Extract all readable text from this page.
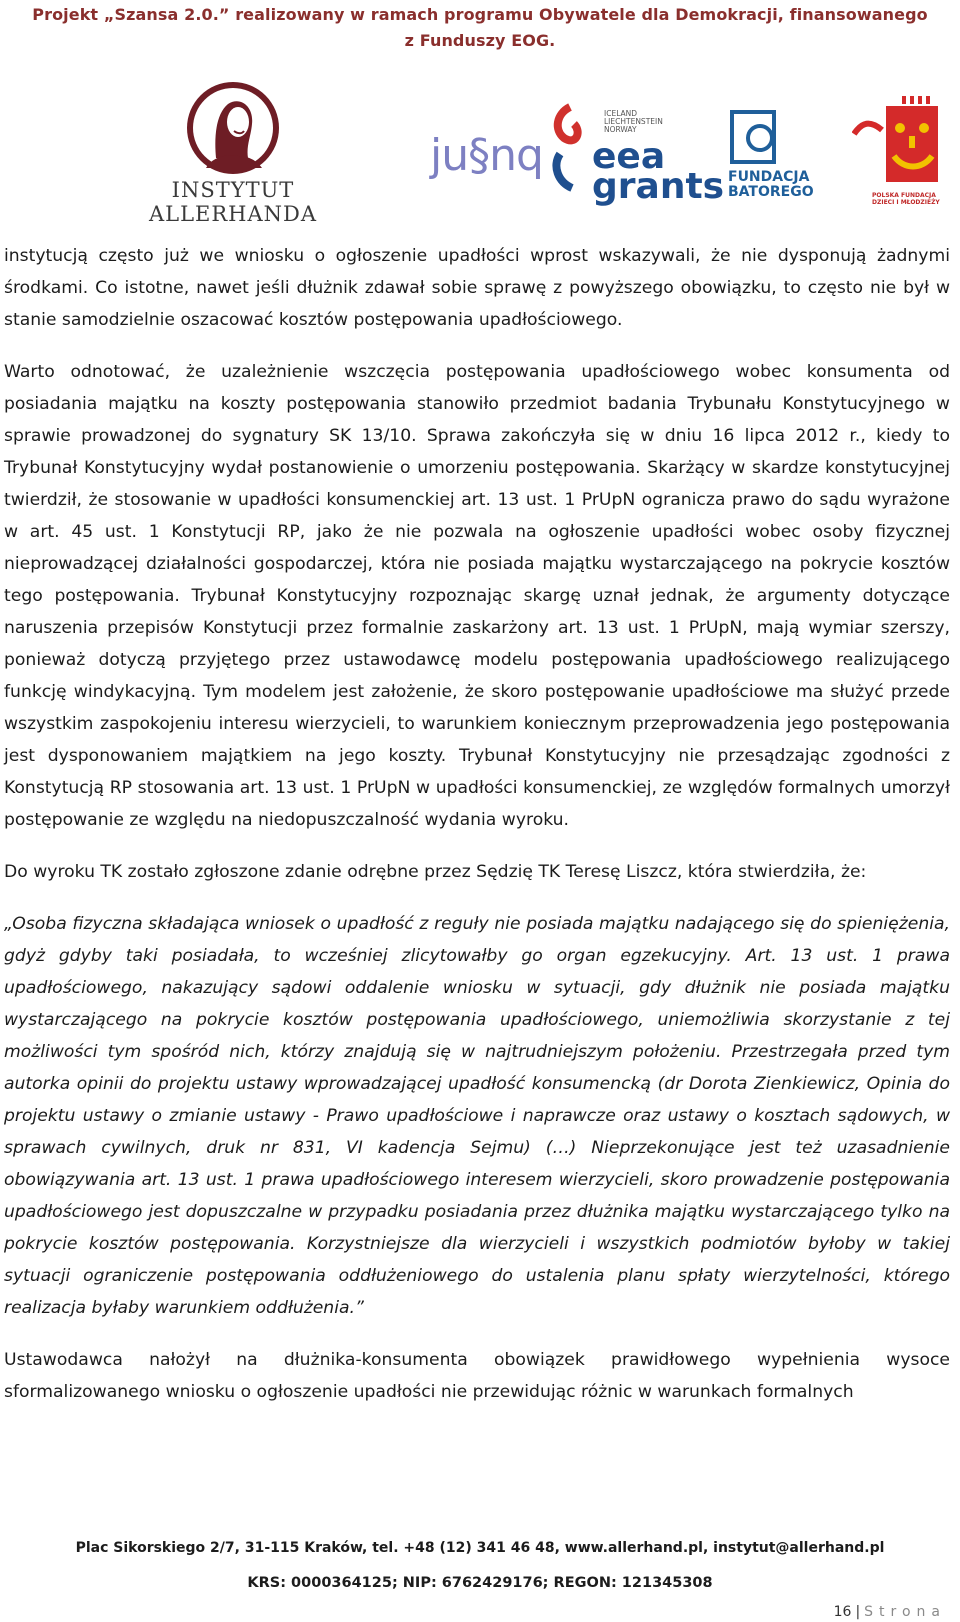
Projekt „Szansa 2.0.” realizowany w ramach programu Obywatele dla Demokracji, finansowanego
z Funduszy EOG.
INSTYTUT ALLERHANDA
ju§nq
ICELAND
LIECHTENSTEIN
NORWAY
eea
grants FUNDACJA
BATOREGO	POLSKA FUNDACJA
DZIECI I MŁODZIEŻY

instytucją często już we wniosku o ogłoszenie upadłości wprost wskazywali, że nie dysponują żadnymi środkami. Co istotne, nawet jeśli dłużnik zdawał sobie sprawę z powyższego obowiązku, to często nie był w stanie samodzielnie oszacować kosztów postępowania upadłościowego.

Warto odnotować, że uzależnienie wszczęcia postępowania upadłościowego wobec konsumenta od posiadania majątku na koszty postępowania stanowiło przedmiot badania Trybunału Konstytucyjnego w sprawie prowadzonej do sygnatury SK 13/10. Sprawa zakończyła się w dniu 16 lipca 2012 r., kiedy to Trybunał Konstytucyjny wydał postanowienie o umorzeniu postępowania. Skarżący w skardze konstytucyjnej twierdził, że stosowanie w upadłości konsumenckiej art. 13 ust. 1 PrUpN ogranicza prawo do sądu wyrażone w art. 45 ust. 1 Konstytucji RP, jako że nie pozwala na ogłoszenie upadłości wobec osoby fizycznej nieprowadzącej działalności gospodarczej, która nie posiada majątku wystarczającego na pokrycie kosztów tego postępowania. Trybunał Konstytucyjny rozpoznając skargę uznał jednak, że argumenty dotyczące naruszenia przepisów Konstytucji przez formalnie zaskarżony art. 13 ust. 1 PrUpN, mają wymiar szerszy, ponieważ dotyczą przyjętego przez ustawodawcę modelu postępowania upadłościowego realizującego funkcję windykacyjną. Tym modelem jest założenie, że skoro postępowanie upadłościowe ma służyć przede wszystkim zaspokojeniu interesu wierzycieli, to warunkiem koniecznym przeprowadzenia jego postępowania jest dysponowaniem majątkiem na jego koszty. Trybunał Konstytucyjny nie przesądzając zgodności z Konstytucją RP stosowania art. 13 ust. 1 PrUpN w upadłości konsumenckiej, ze względów formalnych umorzył postępowanie ze względu na niedopuszczalność wydania wyroku.

Do wyroku TK zostało zgłoszone zdanie odrębne przez Sędzię TK Teresę Liszcz, która stwierdziła, że:

„Osoba fizyczna składająca wniosek o upadłość z reguły nie posiada majątku nadającego się do spieniężenia, gdyż gdyby taki posiadała, to wcześniej zlicytowałby go organ egzekucyjny. Art. 13 ust. 1 prawa upadłościowego, nakazujący sądowi oddalenie wniosku w sytuacji, gdy dłużnik nie posiada majątku wystarczającego na pokrycie kosztów postępowania upadłościowego, uniemożliwia skorzystanie z tej możliwości tym spośród nich, którzy znajdują się w najtrudniejszym położeniu. Przestrzegała przed tym autorka opinii do projektu ustawy wprowadzającej upadłość konsumencką (dr Dorota Zienkiewicz, Opinia do projektu ustawy o zmianie ustawy - Prawo upadłościowe i naprawcze oraz ustawy o kosztach sądowych, w sprawach cywilnych, druk nr 831, VI kadencja Sejmu) (…) Nieprzekonujące jest też uzasadnienie obowiązywania art. 13 ust. 1 prawa upadłościowego interesem wierzycieli, skoro prowadzenie postępowania upadłościowego jest dopuszczalne w przypadku posiadania przez dłużnika majątku wystarczającego tylko na pokrycie kosztów postępowania. Korzystniejsze dla wierzycieli i wszystkich podmiotów byłoby w takiej sytuacji ograniczenie postępowania oddłużeniowego do ustalenia planu spłaty wierzytelności, którego realizacja byłaby warunkiem oddłużenia.”

Ustawodawca nałożył na dłużnika-konsumenta obowiązek prawidłowego wypełnienia wysoce sformalizowanego wniosku o ogłoszenie upadłości nie przewidując różnic w warunkach formalnych

Plac Sikorskiego 2/7, 31-115 Kraków, tel. +48 (12) 341 46 48, www.allerhand.pl, instytut@allerhand.pl
KRS: 0000364125; NIP: 6762429176; REGON: 121345308
16 | Strona
